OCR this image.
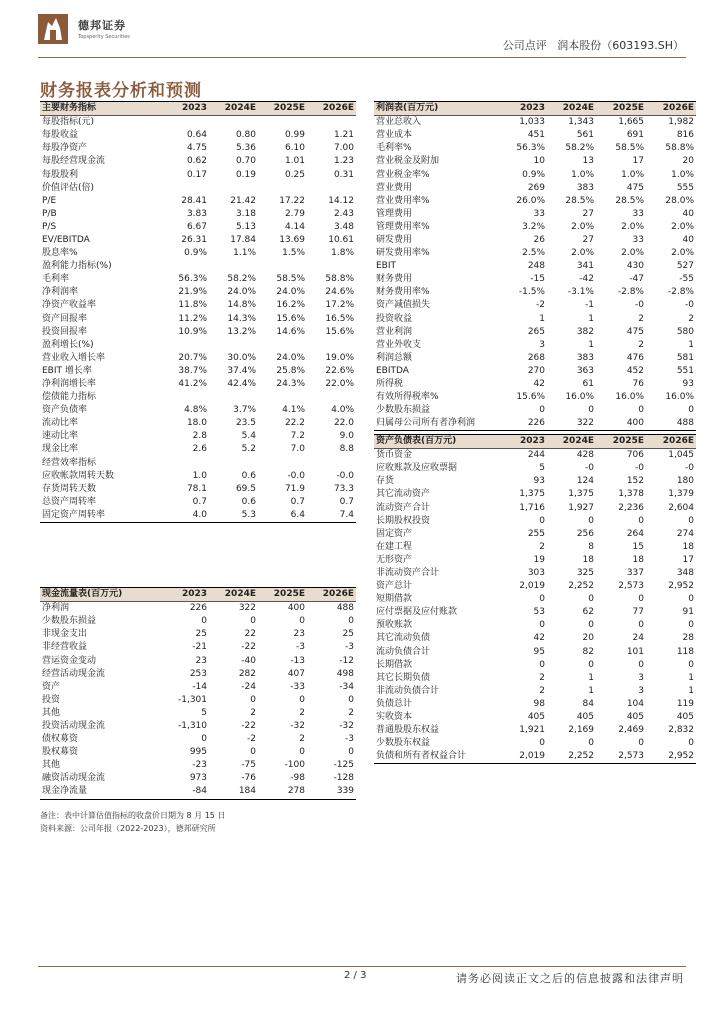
德邦证券
Topsperity Securities
公司点评 润本股份（603193.SH）
财务报表分析和预测
主要财务指标	2023	2024E	2025E	2026E
每股指标(元)				
每股收益	0.64	0.80	0.99	1.21
每股净资产	4.75	5.36	6.10	7.00
每股经营现金流	0.62	0.70	1.01	1.23
每股股利	0.17	0.19	0.25	0.31
价值评估(倍)				
P/E	28.41	21.42	17.22	14.12
P/B	3.83	3.18	2.79	2.43
P/S	6.67	5.13	4.14	3.48
EV/EBITDA	26.31	17.84	13.69	10.61
股息率%	0.9%	1.1%	1.5%	1.8%
盈利能力指标(%)				
毛利率	56.3%	58.2%	58.5%	58.8%
净利润率	21.9%	24.0%	24.0%	24.6%
净资产收益率	11.8%	14.8%	16.2%	17.2%
资产回报率	11.2%	14.3%	15.6%	16.5%
投资回报率	10.9%	13.2%	14.6%	15.6%
盈利增长(%)				
营业收入增长率	20.7%	30.0%	24.0%	19.0%
EBIT 增长率	38.7%	37.4%	25.8%	22.6%
净利润增长率	41.2%	42.4%	24.3%	22.0%
偿债能力指标				
资产负债率	4.8%	3.7%	4.1%	4.0%
流动比率	18.0	23.5	22.2	22.0
速动比率	2.8	5.4	7.2	9.0
现金比率	2.6	5.2	7.0	8.8
经营效率指标				
应收帐款周转天数	1.0	0.6	-0.0	-0.0
存货周转天数	78.1	69.5	71.9	73.3
总资产周转率	0.7	0.6	0.7	0.7
固定资产周转率	4.0	5.3	6.4	7.4
利润表(百万元)	2023	2024E	2025E	2026E
营业总收入	1,033	1,343	1,665	1,982
营业成本	451	561	691	816
毛利率%	56.3%	58.2%	58.5%	58.8%
营业税金及附加	10	13	17	20
营业税金率%	0.9%	1.0%	1.0%	1.0%
营业费用	269	383	475	555
营业费用率%	26.0%	28.5%	28.5%	28.0%
管理费用	33	27	33	40
管理费用率%	3.2%	2.0%	2.0%	2.0%
研发费用	26	27	33	40
研发费用率%	2.5%	2.0%	2.0%	2.0%
EBIT	248	341	430	527
财务费用	-15	-42	-47	-55
财务费用率%	-1.5%	-3.1%	-2.8%	-2.8%
资产减值损失	-2	-1	-0	-0
投资收益	1	1	2	2
营业利润	265	382	475	580
营业外收支	3	1	2	1
利润总额	268	383	476	581
EBITDA	270	363	452	551
所得税	42	61	76	93
有效所得税率%	15.6%	16.0%	16.0%	16.0%
少数股东损益	0	0	0	0
归属母公司所有者净利润	226	322	400	488
资产负债表(百万元)	2023	2024E	2025E	2026E
货币资金	244	428	706	1,045
应收账款及应收票据	5	-0	-0	-0
存货	93	124	152	180
其它流动资产	1,375	1,375	1,378	1,379
流动资产合计	1,716	1,927	2,236	2,604
长期股权投资	0	0	0	0
固定资产	255	256	264	274
在建工程	2	8	15	18
无形资产	19	18	18	17
非流动资产合计	303	325	337	348
资产总计	2,019	2,252	2,573	2,952
短期借款	0	0	0	0
应付票据及应付账款	53	62	77	91
预收账款	0	0	0	0
其它流动负债	42	20	24	28
流动负债合计	95	82	101	118
长期借款	0	0	0	0
其它长期负债	2	1	3	1
非流动负债合计	2	1	3	1
负债总计	98	84	104	119
实收资本	405	405	405	405
普通股股东权益	1,921	2,169	2,469	2,832
少数股东权益	0	0	0	0
负债和所有者权益合计	2,019	2,252	2,573	2,952
现金流量表(百万元)	2023	2024E	2025E	2026E
净利润	226	322	400	488
少数股东损益	0	0	0	0
非现金支出	25	22	23	25
非经营收益	-21	-22	-3	-3
营运资金变动	23	-40	-13	-12
经营活动现金流	253	282	407	498
资产	-14	-24	-33	-34
投资	-1,301	0	0	0
其他	5	2	2	2
投资活动现金流	-1,310	-22	-32	-32
债权募资	0	-2	2	-3
股权募资	995	0	0	0
其他	-23	-75	-100	-125
融资活动现金流	973	-76	-98	-128
现金净流量	-84	184	278	339
备注：表中计算估值指标的收盘价日期为 8 月 15 日
资料来源：公司年报（2022-2023），德邦研究所
2 / 3	请务必阅读正文之后的信息披露和法律声明
